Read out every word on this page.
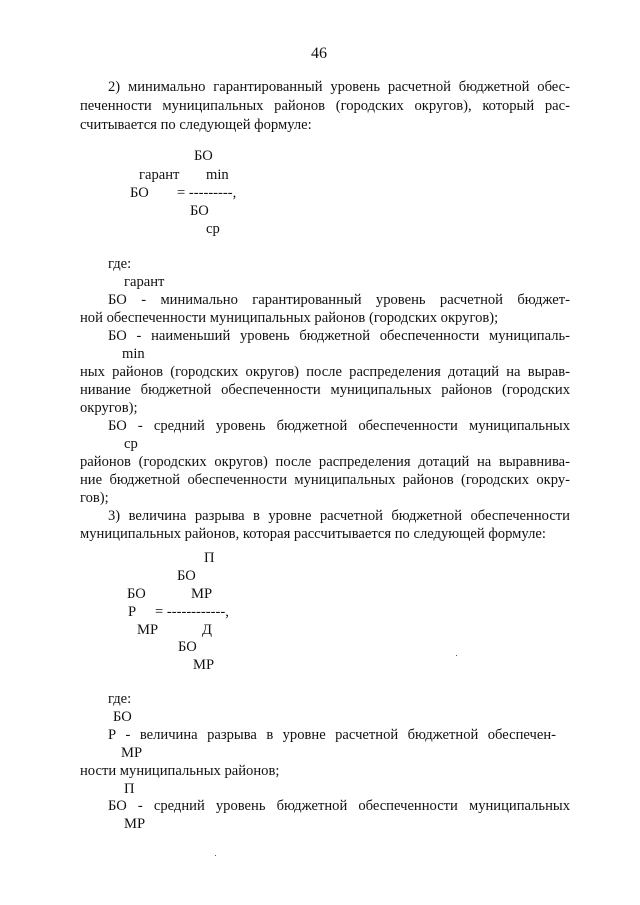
46
2) минимально гарантированный уровень расчетной бюджетной обес-
печенности муниципальных районов (городских округов), который рас-
считывается по следующей формуле:
БО
гарант min
БО = ---------,
БО
ср
где:
гарант
БО - минимально гарантированный уровень расчетной бюджет-
ной обеспеченности муниципальных районов (городских округов);
БО - наименьший уровень бюджетной обеспеченности муниципаль-
min
ных районов (городских округов) после распределения дотаций на вырав-
нивание бюджетной обеспеченности муниципальных районов (городских
округов);
БО - средний уровень бюджетной обеспеченности муниципальных
ср
районов (городских округов) после распределения дотаций на выравнива-
ние бюджетной обеспеченности муниципальных районов (городских окру-
гов);
3) величина разрыва в уровне расчетной бюджетной обеспеченности
муниципальных районов, которая рассчитывается по следующей формуле:
П
БО
БО	МР
Р = ------------,
МР	Д
БО
МР
где:
БО
Р - величина разрыва в уровне расчетной бюджетной обеспечен-
МР
ности муниципальных районов;
П
БО - средний уровень бюджетной обеспеченности муниципальных
МР
